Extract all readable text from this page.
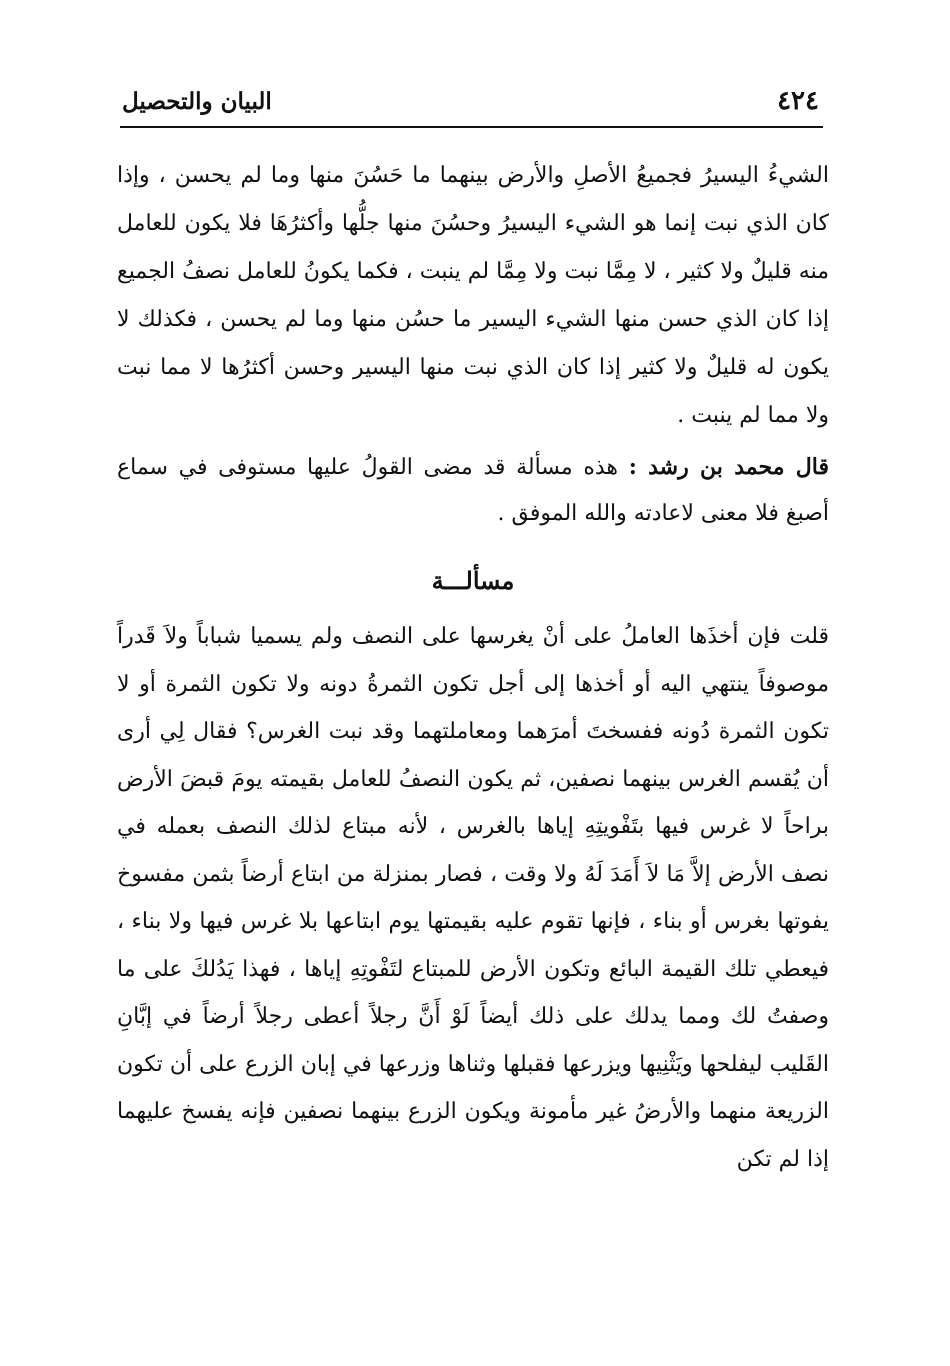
٤٢٤
البيان والتحصيل

الشيءُ اليسيرُ فجميعُ الأصلِ والأرض بينهما ما حَسُنَ منها وما لم يحسن ، وإذا كان الذي نبت إنما هو الشيء اليسيرُ وحسُنَ منها جلُّها وأكثرُهَا فلا يكون للعامل منه قليلٌ ولا كثير ، لا مِمَّا نبت ولا مِمَّا لم ينبت ، فكما يكونُ للعامل نصفُ الجميع إذا كان الذي حسن منها الشيء اليسير ما حسُن منها وما لم يحسن ، فكذلك لا يكون له قليلٌ ولا كثير إذا كان الذي نبت منها اليسير وحسن أكثرُها لا مما نبت ولا مما لم ينبت .

قال محمد بن رشد : هذه مسألة قد مضى القولُ عليها مستوفى في سماع أصبغ فلا معنى لاعادته والله الموفق .

مسألـــة

قلت فإن أخذَها العاملُ على أنْ يغرسها على النصف ولم يسميا شباباً ولاَ قَدراً موصوفاً ينتهي اليه أو أخذها إلى أجل تكون الثمرةُ دونه ولا تكون الثمرة أو لا تكون الثمرة دُونه ففسختَ أمرَهما ومعاملتهما وقد نبت الغرس؟ فقال لِي أرى أن يُقسم الغرس بينهما نصفين، ثم يكون النصفُ للعامل بقيمته يومَ قبضَ الأرض براحاً لا غرس فيها بتَفْويتِهِ إياها بالغرس ، لأنه مبتاع لذلك النصف بعمله في نصف الأرض إلاَّ مَا لاَ أَمَدَ لَهُ ولا وقت ، فصار بمنزلة من ابتاع أرضاً بثمن مفسوخ يفوتها بغرس أو بناء ، فإنها تقوم عليه بقيمتها يوم ابتاعها بلا غرس فيها ولا بناء ، فيعطي تلك القيمة البائع وتكون الأرض للمبتاع لتَفْوتِهِ إياها ، فهذا يَدُلكَ على ما وصفتُ لك ومما يدلك على ذلك أيضاً لَوْ أَنَّ رجلاً أعطى رجلاً أرضاً في إبَّانِ القَليب ليفلحها ويَثْنِيها ويزرعها فقبلها وثناها وزرعها في إبان الزرع على أن تكون الزريعة منهما والأرضُ غير مأمونة ويكون الزرع بينهما نصفين فإنه يفسخ عليهما إذا لم تكن
